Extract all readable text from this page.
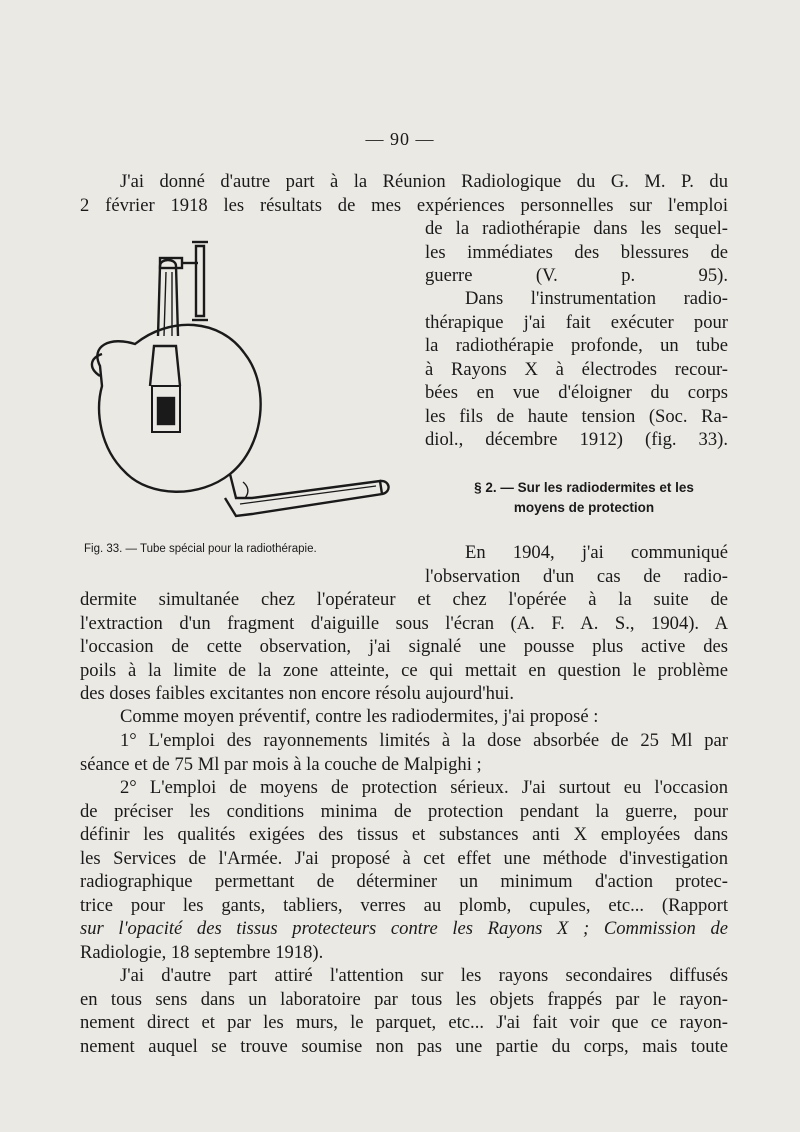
— 90 —
J'ai donné d'autre part à la Réunion Radiologique du G. M. P. du
2 février 1918 les résultats de mes expériences personnelles sur l'emploi
de la radiothérapie dans les sequel-
les immédiates des blessures de
guerre (V. p. 95).
Dans l'instrumentation radio-
thérapique j'ai fait exécuter pour
la radiothérapie profonde, un tube
à Rayons X à électrodes recour-
bées en vue d'éloigner du corps
les fils de haute tension (Soc. Ra-
diol., décembre 1912) (fig. 33).
§ 2. — Sur les radiodermites et les
moyens de protection
Fig. 33. — Tube spécial pour la radiothérapie.	En 1904, j'ai communiqué
l'observation d'un cas de radio-
dermite simultanée chez l'opérateur et chez l'opérée à la suite de
l'extraction d'un fragment d'aiguille sous l'écran (A. F. A. S., 1904). A
l'occasion de cette observation, j'ai signalé une pousse plus active des
poils à la limite de la zone atteinte, ce qui mettait en question le problème
des doses faibles excitantes non encore résolu aujourd'hui.
Comme moyen préventif, contre les radiodermites, j'ai proposé :
1° L'emploi des rayonnements limités à la dose absorbée de 25 Ml par
séance et de 75 Ml par mois à la couche de Malpighi ;
2° L'emploi de moyens de protection sérieux. J'ai surtout eu l'occasion
de préciser les conditions minima de protection pendant la guerre, pour
définir les qualités exigées des tissus et substances anti X employées dans
les Services de l'Armée. J'ai proposé à cet effet une méthode d'investigation
radiographique permettant de déterminer un minimum d'action protec-
trice pour les gants, tabliers, verres au plomb, cupules, etc... (Rapport
sur l'opacité des tissus protecteurs contre les Rayons X ; Commission de
Radiologie, 18 septembre 1918).
J'ai d'autre part attiré l'attention sur les rayons secondaires diffusés
en tous sens dans un laboratoire par tous les objets frappés par le rayon-
nement direct et par les murs, le parquet, etc... J'ai fait voir que ce rayon-
nement auquel se trouve soumise non pas une partie du corps, mais toute
